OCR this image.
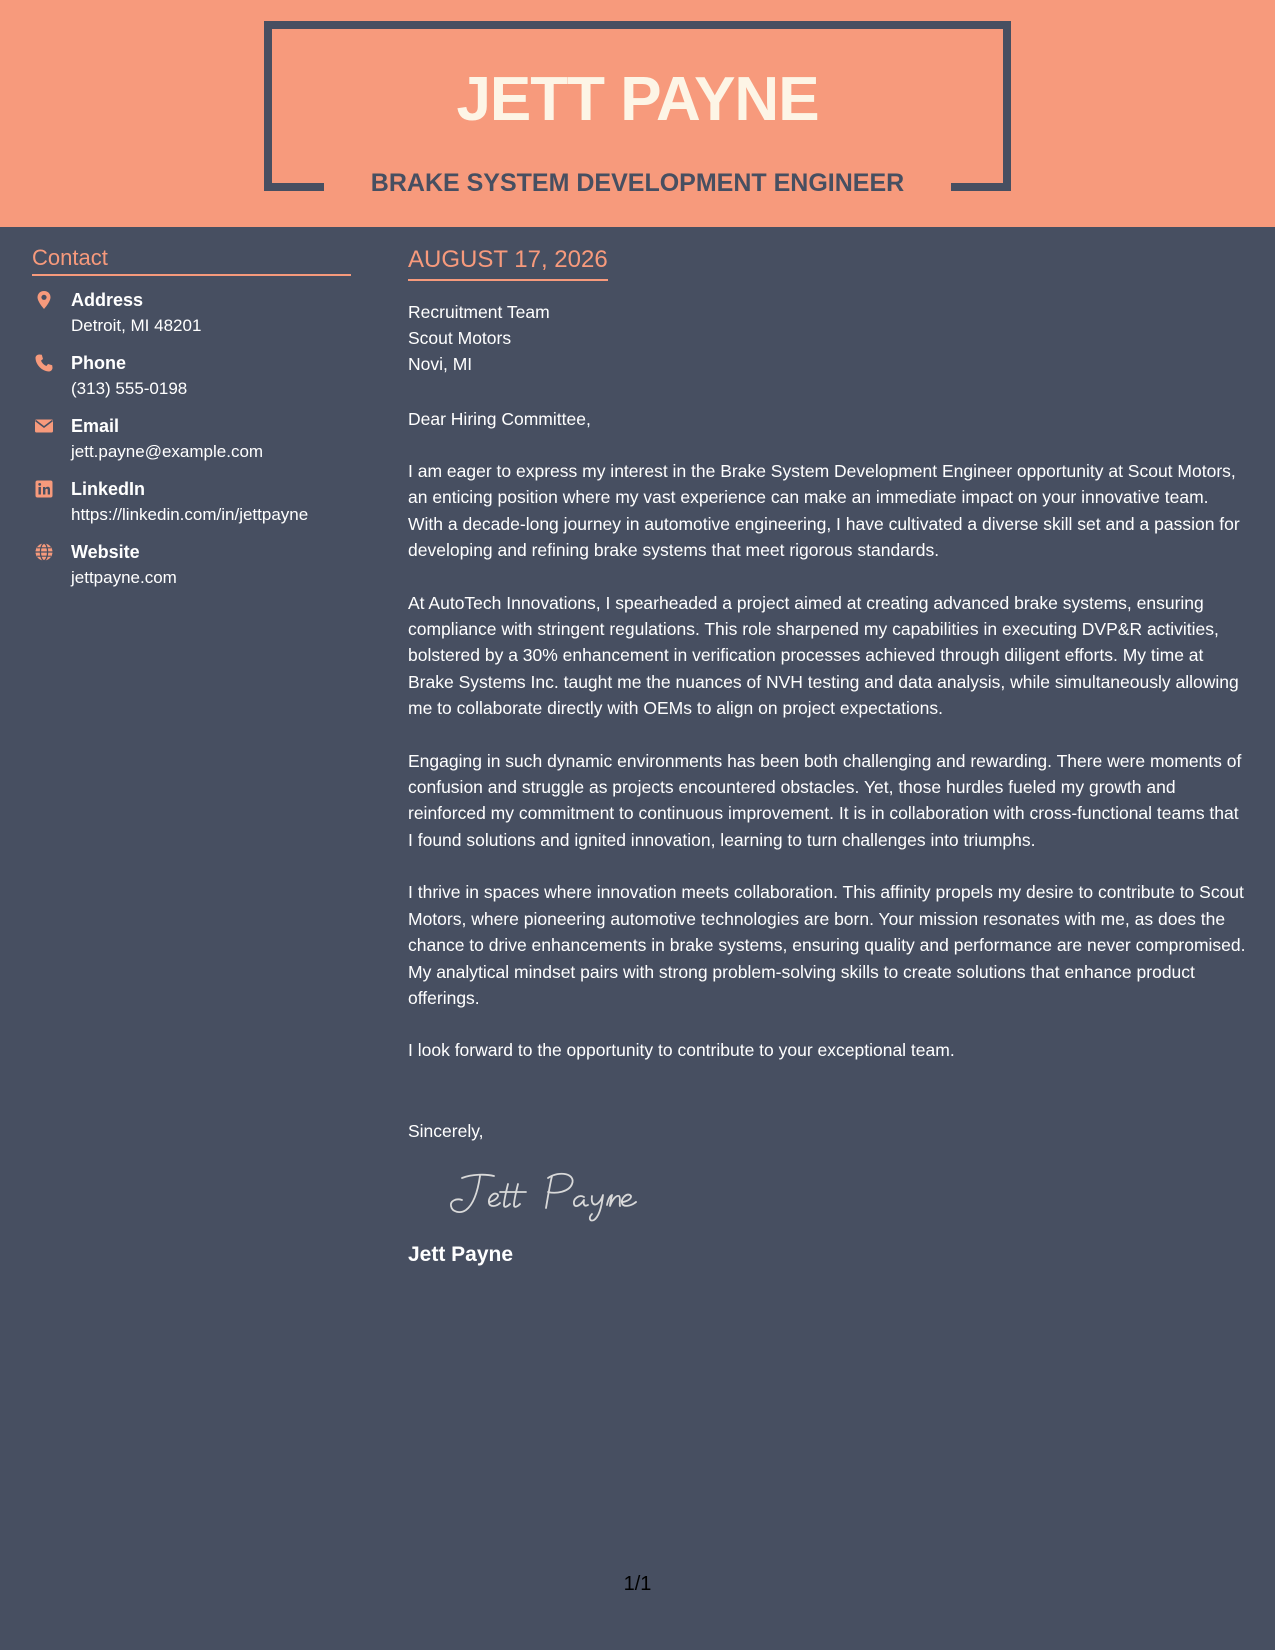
JETT PAYNE
BRAKE SYSTEM DEVELOPMENT ENGINEER
Contact
Address
Detroit, MI 48201
Phone
(313) 555-0198
Email
jett.payne@example.com
LinkedIn
https://linkedin.com/in/jettpayne
Website
jettpayne.com
AUGUST 17, 2026
Recruitment Team
Scout Motors
Novi, MI
Dear Hiring Committee,
I am eager to express my interest in the Brake System Development Engineer opportunity at Scout Motors, an enticing position where my vast experience can make an immediate impact on your innovative team. With a decade-long journey in automotive engineering, I have cultivated a diverse skill set and a passion for developing and refining brake systems that meet rigorous standards.
At AutoTech Innovations, I spearheaded a project aimed at creating advanced brake systems, ensuring compliance with stringent regulations. This role sharpened my capabilities in executing DVP&R activities, bolstered by a 30% enhancement in verification processes achieved through diligent efforts. My time at Brake Systems Inc. taught me the nuances of NVH testing and data analysis, while simultaneously allowing me to collaborate directly with OEMs to align on project expectations.
Engaging in such dynamic environments has been both challenging and rewarding. There were moments of confusion and struggle as projects encountered obstacles. Yet, those hurdles fueled my growth and reinforced my commitment to continuous improvement. It is in collaboration with cross-functional teams that I found solutions and ignited innovation, learning to turn challenges into triumphs.
I thrive in spaces where innovation meets collaboration. This affinity propels my desire to contribute to Scout Motors, where pioneering automotive technologies are born. Your mission resonates with me, as does the chance to drive enhancements in brake systems, ensuring quality and performance are never compromised. My analytical mindset pairs with strong problem-solving skills to create solutions that enhance product offerings.
I look forward to the opportunity to contribute to your exceptional team.
Sincerely,
Jett Payne
1/1
